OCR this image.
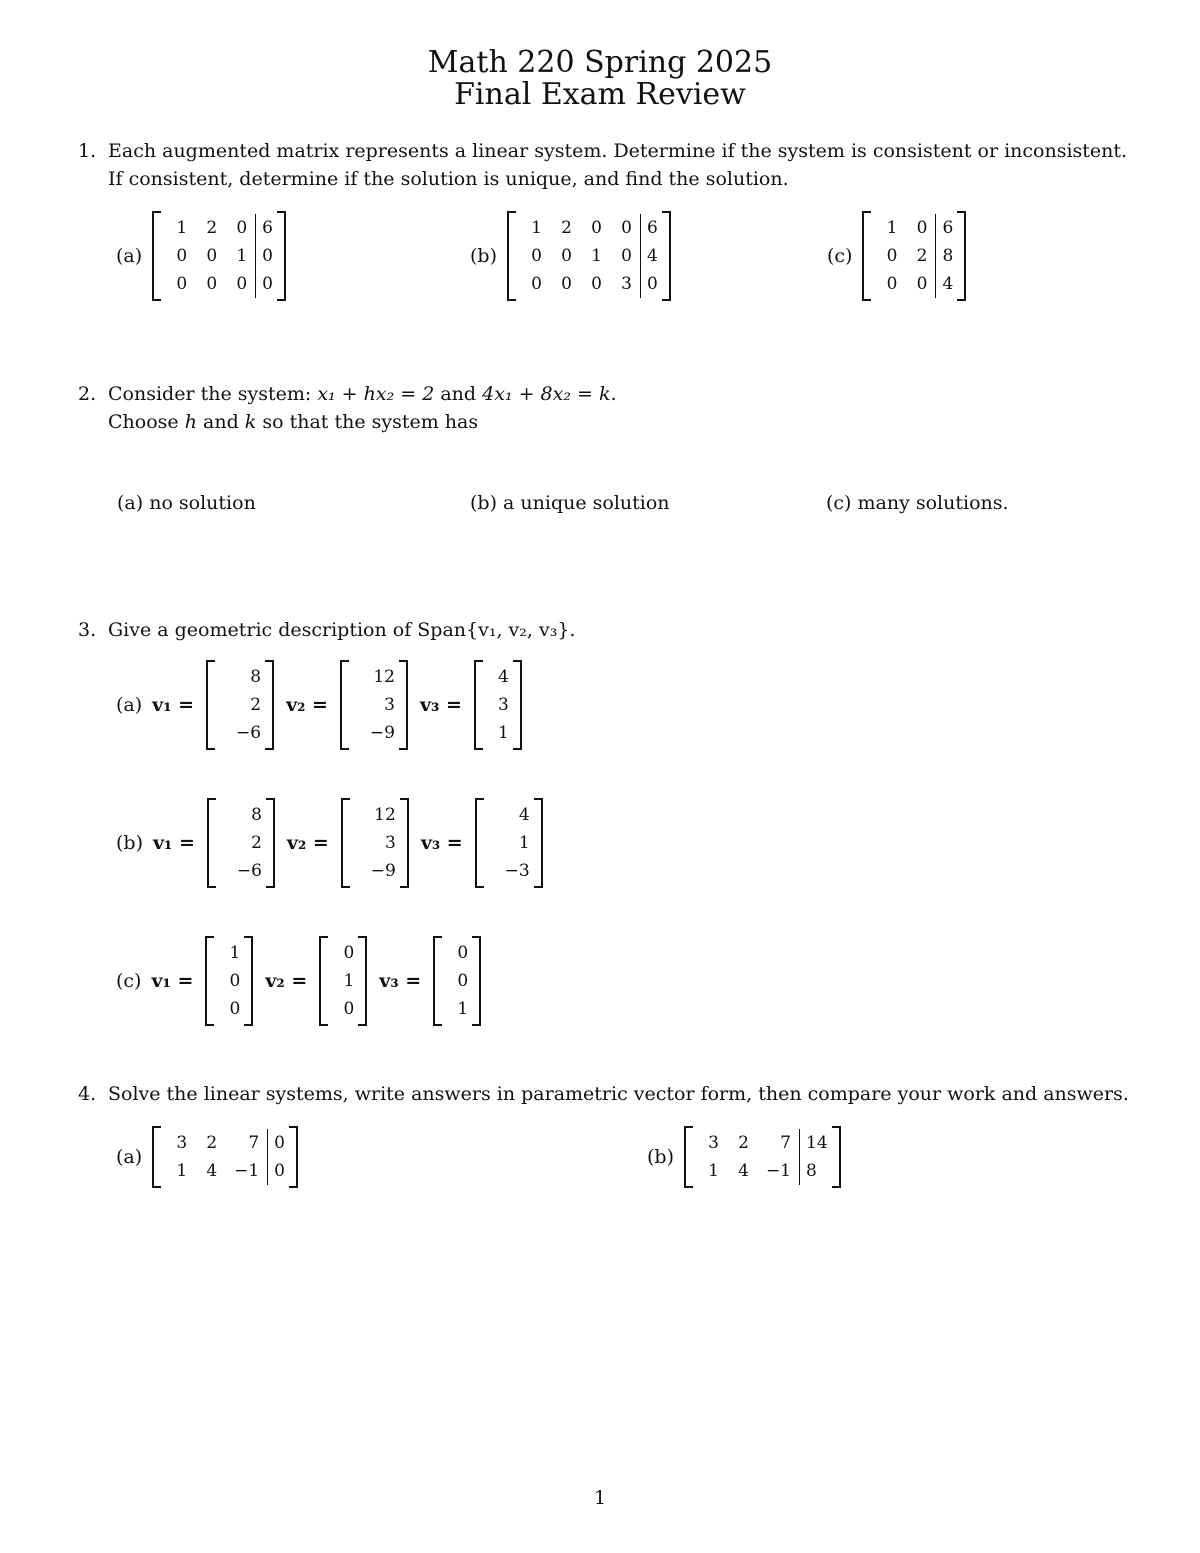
Math 220 Spring 2025
Final Exam Review
1. Each augmented matrix represents a linear system. Determine if the system is consistent or inconsistent.
If consistent, determine if the solution is unique, and find the solution.
(a)
1
0
0
2
0
0
0
1
0
6
0
0
(b)
1
0
0
2
0
0
0
1
0
0
0
3
6
4
0
(c)
1
0
0
0
2
0
6
8
4
2. Consider the system: x₁ + hx₂ = 2 and 4x₁ + 8x₂ = k.
Choose h and k so that the system has
(a) no solution	(b) a unique solution	(c) many solutions.
3. Give a geometric description of Span{v₁, v₂, v₃}.
(a) v₁ =
8
2
−6
v₂ =
12
3
−9
v₃ =
4
3
1
(b) v₁ =
8
2
−6
v₂ =
12
3
−9
v₃ =
4
1
−3
(c) v₁ =
1
0
0
v₂ =
0
1
0
v₃ =
0
0
1
4. Solve the linear systems, write answers in parametric vector form, then compare your work and answers.
(a)
3
1
2
4
7
−1
0
0
(b)
3
1
2
4
7
−1
14
8
1
